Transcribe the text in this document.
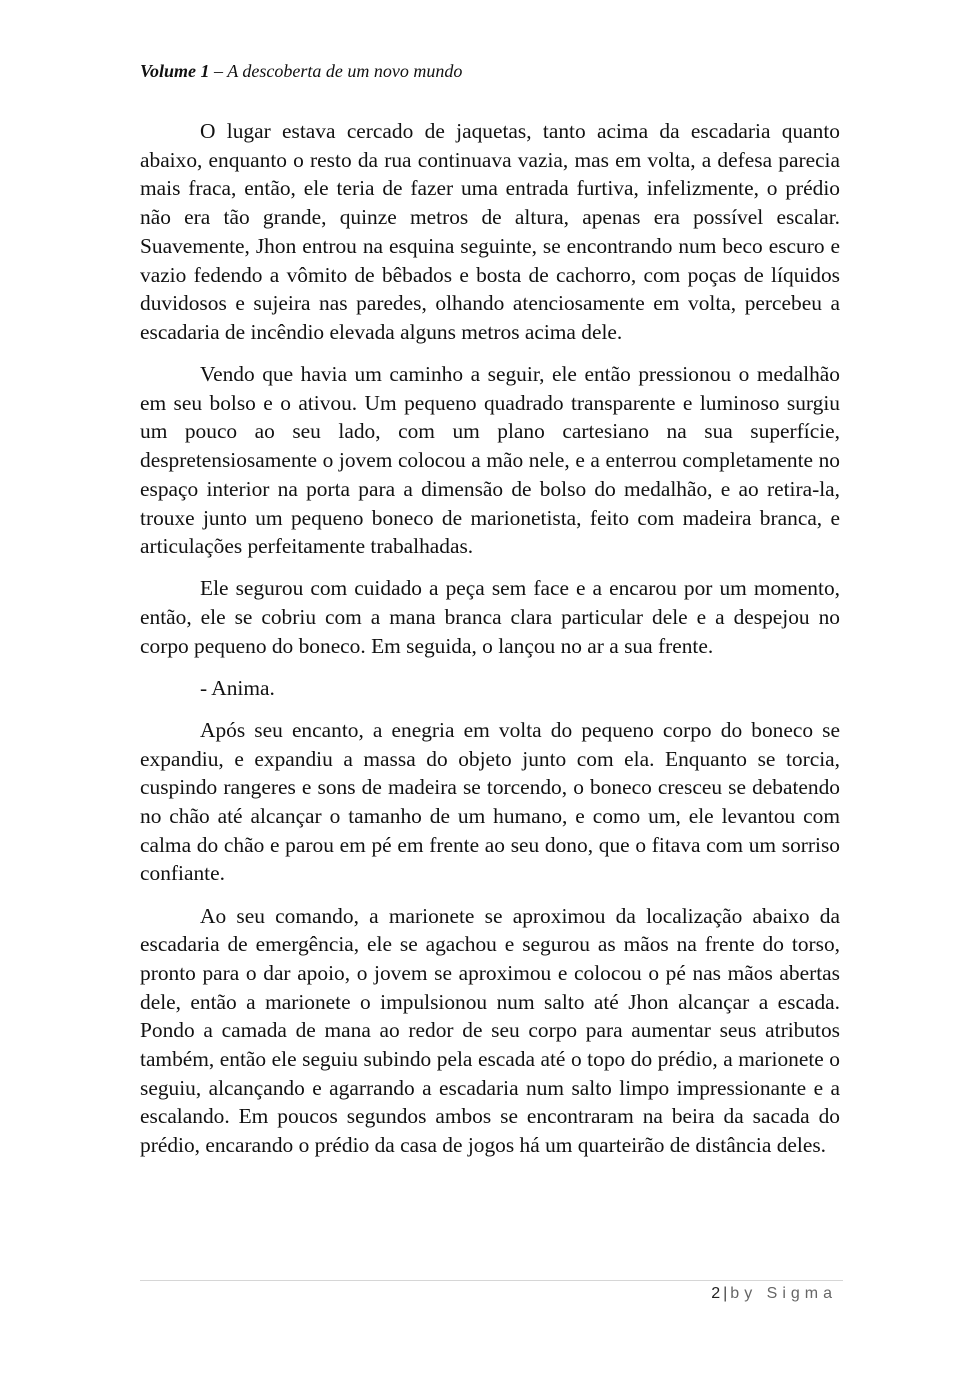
Volume 1 – A descoberta de um novo mundo

O lugar estava cercado de jaquetas, tanto acima da escadaria quanto abaixo, enquanto o resto da rua continuava vazia, mas em volta, a defesa parecia mais fraca, então, ele teria de fazer uma entrada furtiva, infelizmente, o prédio não era tão grande, quinze metros de altura, apenas era possível escalar. Suavemente, Jhon entrou na esquina seguinte, se encontrando num beco escuro e vazio fedendo a vômito de bêbados e bosta de cachorro, com poças de líquidos duvidosos e sujeira nas paredes, olhando atenciosamente em volta, percebeu a escadaria de incêndio elevada alguns metros acima dele.

Vendo que havia um caminho a seguir, ele então pressionou o medalhão em seu bolso e o ativou. Um pequeno quadrado transparente e luminoso surgiu um pouco ao seu lado, com um plano cartesiano na sua superfície, despretensiosamente o jovem colocou a mão nele, e a enterrou completamente no espaço interior na porta para a dimensão de bolso do medalhão, e ao retira-la, trouxe junto um pequeno boneco de marionetista, feito com madeira branca, e articulações perfeitamente trabalhadas.

Ele segurou com cuidado a peça sem face e a encarou por um momento, então, ele se cobriu com a mana branca clara particular dele e a despejou no corpo pequeno do boneco. Em seguida, o lançou no ar a sua frente.

- Anima.

Após seu encanto, a enegria em volta do pequeno corpo do boneco se expandiu, e expandiu a massa do objeto junto com ela. Enquanto se torcia, cuspindo rangeres e sons de madeira se torcendo, o boneco cresceu se debatendo no chão até alcançar o tamanho de um humano, e como um, ele levantou com calma do chão e parou em pé em frente ao seu dono, que o fitava com um sorriso confiante.

Ao seu comando, a marionete se aproximou da localização abaixo da escadaria de emergência, ele se agachou e segurou as mãos na frente do torso, pronto para o dar apoio, o jovem se aproximou e colocou o pé nas mãos abertas dele, então a marionete o impulsionou num salto até Jhon alcançar a escada. Pondo a camada de mana ao redor de seu corpo para aumentar seus atributos também, então ele seguiu subindo pela escada até o topo do prédio, a marionete o seguiu, alcançando e agarrando a escadaria num salto limpo impressionante e a escalando. Em poucos segundos ambos se encontraram na beira da sacada do prédio, encarando o prédio da casa de jogos há um quarteirão de distância deles.

2 | by Sigma
